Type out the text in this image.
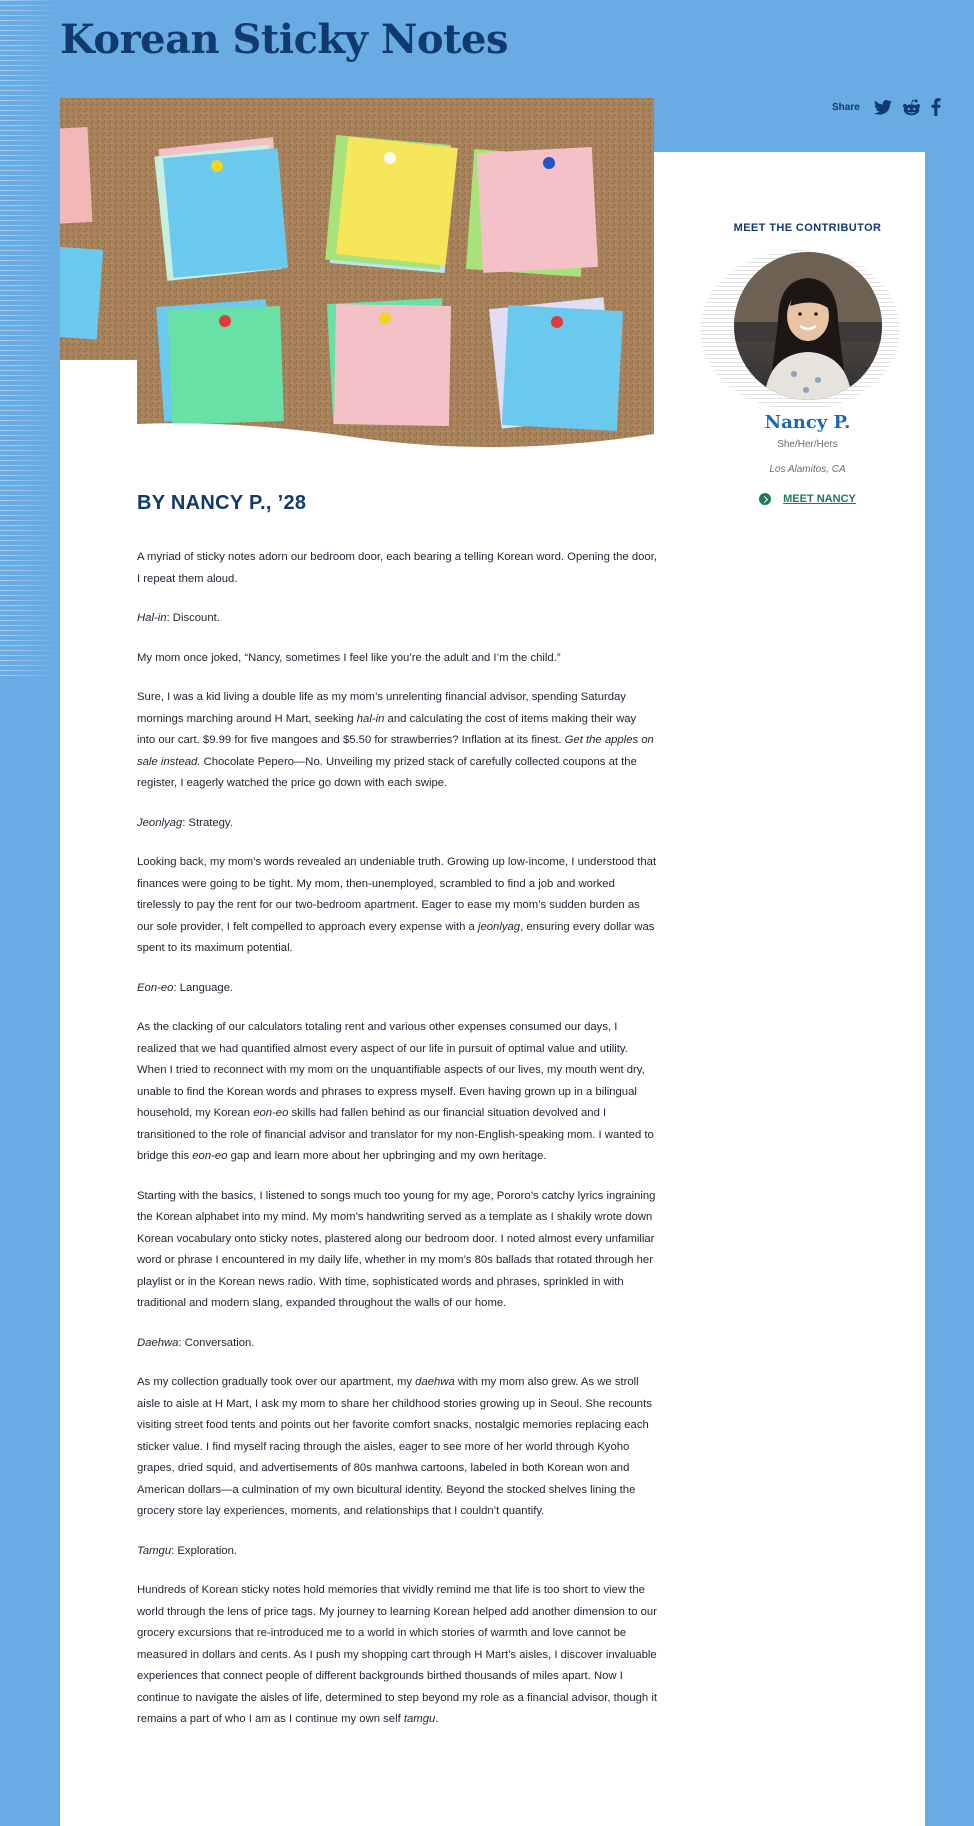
Korean Sticky Notes
Share
BY NANCY P., ’28

A myriad of sticky notes adorn our bedroom door, each bearing a telling Korean word. Opening the door, I repeat them aloud.

Hal-in: Discount.

My mom once joked, “Nancy, sometimes I feel like you’re the adult and I’m the child.”

Sure, I was a kid living a double life as my mom’s unrelenting financial advisor, spending Saturday mornings marching around H Mart, seeking hal-in and calculating the cost of items making their way into our cart. $9.99 for five mangoes and $5.50 for strawberries? Inflation at its finest. Get the apples on sale instead. Chocolate Pepero—No. Unveiling my prized stack of carefully collected coupons at the register, I eagerly watched the price go down with each swipe.

Jeonlyag: Strategy.

Looking back, my mom’s words revealed an undeniable truth. Growing up low-income, I understood that finances were going to be tight. My mom, then-unemployed, scrambled to find a job and worked tirelessly to pay the rent for our two-bedroom apartment. Eager to ease my mom’s sudden burden as our sole provider, I felt compelled to approach every expense with a jeonlyag, ensuring every dollar was spent to its maximum potential.

Eon-eo: Language.

As the clacking of our calculators totaling rent and various other expenses consumed our days, I realized that we had quantified almost every aspect of our life in pursuit of optimal value and utility. When I tried to reconnect with my mom on the unquantifiable aspects of our lives, my mouth went dry, unable to find the Korean words and phrases to express myself. Even having grown up in a bilingual household, my Korean eon-eo skills had fallen behind as our financial situation devolved and I transitioned to the role of financial advisor and translator for my non-English-speaking mom. I wanted to bridge this eon-eo gap and learn more about her upbringing and my own heritage.

Starting with the basics, I listened to songs much too young for my age, Pororo’s catchy lyrics ingraining the Korean alphabet into my mind. My mom’s handwriting served as a template as I shakily wrote down Korean vocabulary onto sticky notes, plastered along our bedroom door. I noted almost every unfamiliar word or phrase I encountered in my daily life, whether in my mom’s 80s ballads that rotated through her playlist or in the Korean news radio. With time, sophisticated words and phrases, sprinkled in with traditional and modern slang, expanded throughout the walls of our home.

Daehwa: Conversation.

As my collection gradually took over our apartment, my daehwa with my mom also grew. As we stroll aisle to aisle at H Mart, I ask my mom to share her childhood stories growing up in Seoul. She recounts visiting street food tents and points out her favorite comfort snacks, nostalgic memories replacing each sticker value. I find myself racing through the aisles, eager to see more of her world through Kyoho grapes, dried squid, and advertisements of 80s manhwa cartoons, labeled in both Korean won and American dollars—a culmination of my own bicultural identity. Beyond the stocked shelves lining the grocery store lay experiences, moments, and relationships that I couldn’t quantify.

Tamgu: Exploration.

Hundreds of Korean sticky notes hold memories that vividly remind me that life is too short to view the world through the lens of price tags. My journey to learning Korean helped add another dimension to our grocery excursions that re-introduced me to a world in which stories of warmth and love cannot be measured in dollars and cents. As I push my shopping cart through H Mart’s aisles, I discover invaluable experiences that connect people of different backgrounds birthed thousands of miles apart. Now I continue to navigate the aisles of life, determined to step beyond my role as a financial advisor, though it remains a part of who I am as I continue my own self tamgu.

MEET THE CONTRIBUTOR
Nancy P.
She/Her/Hers
Los Alamitos, CA
MEET NANCY
